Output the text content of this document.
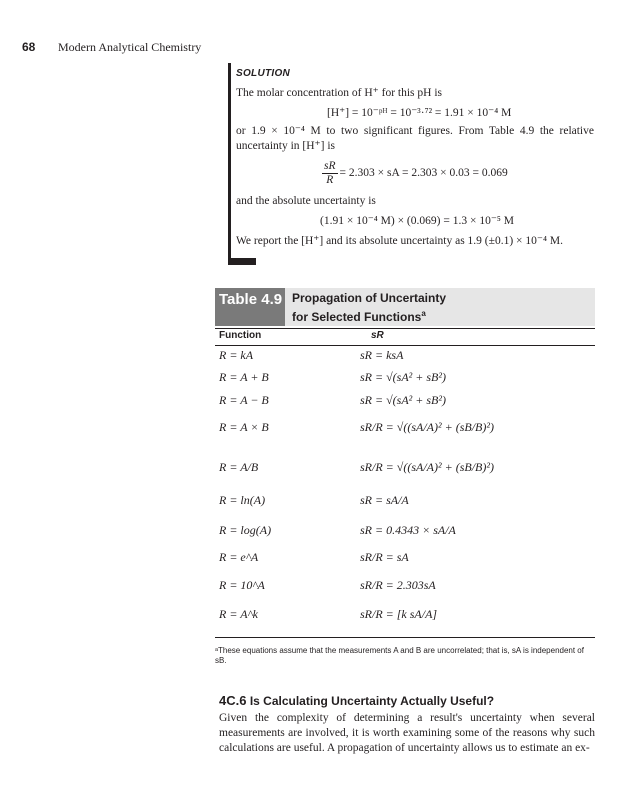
68 Modern Analytical Chemistry
SOLUTION
The molar concentration of H⁺ for this pH is
[H⁺] = 10⁻ᵖᴴ = 10⁻³·⁷² = 1.91 × 10⁻⁴ M
or 1.9 × 10⁻⁴ M to two significant figures. From Table 4.9 the relative uncertainty in [H⁺] is
$\frac{sR}{R} = 2.303$ × sA = 2.303 × 0.03 = 0.069
and the absolute uncertainty is
(1.91 × 10⁻⁴ M) × (0.069) = 1.3 × 10⁻⁵ M
We report the [H⁺] and its absolute uncertainty as 1.9 (±0.1) × 10⁻⁴ M.
Table 4.9 Propagation of Uncertainty
for Selected Functions$^a$
Function	sR
R = kA
R = A + B
R = A − B
R = A × B
R = A/B
R = ln(A)
R = log(A)
R = e^A
R = 10^A
R = A^k
sR = ksA
sR = √(sA² + sB²)
sR = √(sA² + sB²)
sR/R = √((sA/A)² + (sB/B)²)
sR/R = √((sA/A)² + (sB/B)²)
sR = sA/A
sR = 0.4343 × sA/A
sR/R = sA
sR/R = 2.303sA
sR/R = [k sA/A]
ᵃThese equations assume that the measurements A and B are uncorrelated; that is, sA is independent of sB.
4C.6 Is Calculating Uncertainty Actually Useful?
Given the complexity of determining a result's uncertainty when several measurements are involved, it is worth examining some of the reasons why such calculations are useful. A propagation of uncertainty allows us to estimate an ex-
